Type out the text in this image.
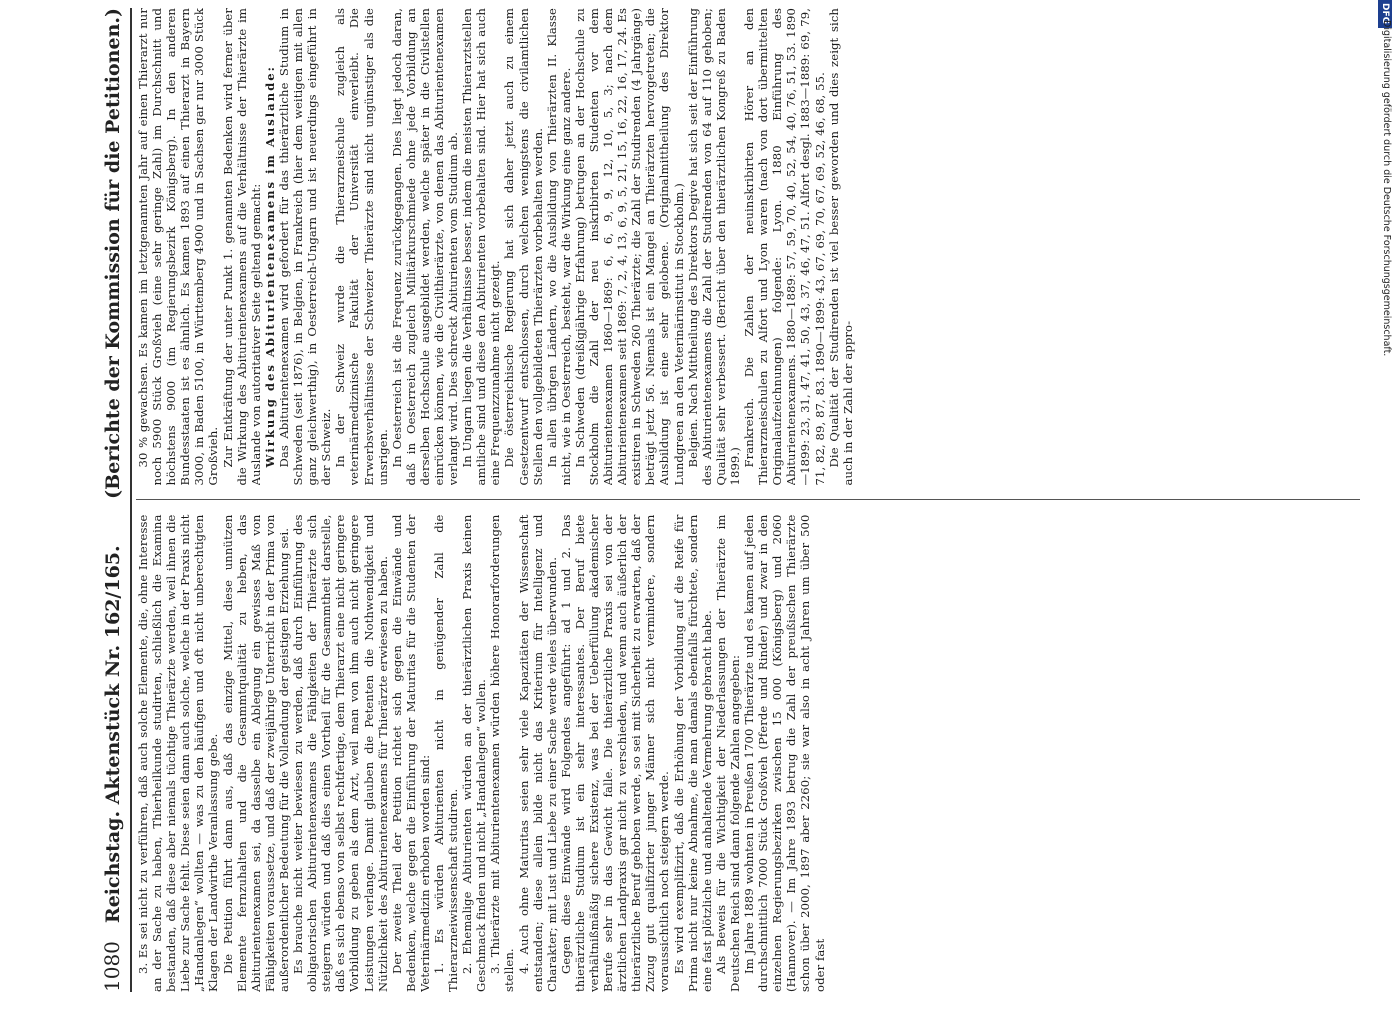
1080
Reichstag. Aktenstück Nr. 162/165.
(Berichte der Kommission für die Petitionen.)

3. Es sei nicht zu verführen, daß auch solche Elemente, die, ohne Interesse an der Sache zu haben, Thierheilkunde studirten, schließlich die Examina bestanden, daß diese aber niemals tüchtige Thierärzte werden, weil ihnen die Liebe zur Sache fehlt. Diese seien dann auch solche, welche in der Praxis nicht „Handanlegen“ wollten — was zu den häufigen und oft nicht unberechtigten Klagen der Landwirthe Veranlassung gebe. Die Petition führt dann aus, daß das einzige Mittel, diese unnützen Elemente fernzuhalten und die Gesammtqualität zu heben, das Abiturientenexamen sei, da dasselbe ein Ablegung ein gewisses Maß von Fähigkeiten voraussetze, und daß der zweijährige Unterricht in der Prima von außerordentlicher Bedeutung für die Vollendung der geistigen Erziehung sei. Es brauche nicht weiter bewiesen zu werden, daß durch Einführung des obligatorischen Abiturientenexamens die Fähigkeiten der Thierärzte sich steigern würden und daß dies einen Vortheil für die Gesammtheit darstelle, daß es sich ebenso von selbst rechtfertige, dem Thierarzt eine nicht geringere Vorbildung zu geben als dem Arzt, weil man von ihm auch nicht geringere Leistungen verlange. Damit glauben die Petenten die Nothwendigkeit und Nützlichkeit des Abiturientenexamens für Thierärzte erwiesen zu haben. Der zweite Theil der Petition richtet sich gegen die Einwände und Bedenken, welche gegen die Einführung der Maturitas für die Studenten der Veterinärmedizin erhoben worden sind: 1. Es würden Abiturienten nicht in genügender Zahl die Thierarzneiwissenschaft studiren. 2. Ehemalige Abiturienten würden an der thierärztlichen Praxis keinen Geschmack finden und nicht „Handanlegen“ wollen. 3. Thierärzte mit Abiturientenexamen würden höhere Honorarforderungen stellen. 4. Auch ohne Maturitas seien sehr viele Kapazitäten der Wissenschaft entstanden; diese allein bilde nicht das Kriterium für Intelligenz und Charakter; mit Lust und Liebe zu einer Sache werde vieles überwunden. Gegen diese Einwände wird Folgendes angeführt: ad 1 und 2. Das thierärztliche Studium ist ein sehr interessantes. Der Beruf biete verhältnißmäßig sichere Existenz, was bei der Ueberfüllung akademischer Berufe sehr in das Gewicht falle. Die thierärztliche Praxis sei von der ärztlichen Landpraxis gar nicht zu verschieden, und wenn auch äußerlich der thierärztliche Beruf gehoben werde, so sei mit Sicherheit zu erwarten, daß der Zuzug gut qualifizirter junger Männer sich nicht vermindere, sondern voraussichtlich noch steigern werde. Es wird exemplifizirt, daß die Erhöhung der Vorbildung auf die Reife für Prima nicht nur keine Abnahme, die man damals ebenfalls fürchtete, sondern eine fast plötzliche und anhaltende Vermehrung gebracht habe. Als Beweis für die Wichtigkeit der Niederlassungen der Thierärzte im Deutschen Reich sind dann folgende Zahlen angegeben: Im Jahre 1889 wohnten in Preußen 1700 Thierärzte und es kamen auf jeden durchschnittlich 7000 Stück Großvieh (Pferde und Rinder) und zwar in den einzelnen Regierungsbezirken zwischen 15 000 (Königsberg) und 2060 (Hannover). — Im Jahre 1893 betrug die Zahl der preußischen Thierärzte schon über 2000, 1897 aber 2260; sie war also in acht Jahren um über 500 oder fast

30 % gewachsen. Es kamen im letztgenannten Jahr auf einen Thierarzt nur noch 5900 Stück Großvieh (eine sehr geringe Zahl) im Durchschnitt und höchstens 9000 (im Regierungsbezirk Königsberg). In den anderen Bundesstaaten ist es ähnlich. Es kamen 1893 auf einen Thierarzt in Bayern 3000, in Baden 5100, in Württemberg 4900 und in Sachsen gar nur 3000 Stück Großvieh. Zur Entkräftung der unter Punkt 1. genannten Bedenken wird ferner über die Wirkung des Abiturientenexamens auf die Verhältnisse der Thierärzte im Auslande von autoritativer Seite geltend gemacht: Wirkung des Abiturientenexamens im Auslande: Das Abiturientenexamen wird gefordert für das thierärztliche Studium in Schweden (seit 1876), in Belgien, in Frankreich (hier dem weitigen mit allen ganz gleichwerthig), in Oesterreich-Ungarn und ist neuerdings eingeführt in der Schweiz. In der Schweiz wurde die Thierarzneischule zugleich als veterinärmedizinische Fakultät der Universität einverleibt. Die Erwerbsverhältnisse der Schweizer Thierärzte sind nicht ungünstiger als die unsrigen. In Oesterreich ist die Frequenz zurückgegangen. Dies liegt jedoch daran, daß in Oesterreich zugleich Militärkurschmiede ohne jede Vorbildung an derselben Hochschule ausgebildet werden, welche später in die Civilstellen einrücken können, wie die Civilthierärzte, von denen das Abiturientenexamen verlangt wird. Dies schreckt Abiturienten vom Studium ab. In Ungarn liegen die Verhältnisse besser, indem die meisten Thierarztstellen amtliche sind und diese den Abiturienten vorbehalten sind. Hier hat sich auch eine Frequenzzunahme nicht gezeigt. Die österreichische Regierung hat sich daher jetzt auch zu einem Gesetzentwurf entschlossen, durch welchen wenigstens die civilamtlichen Stellen den vollgebildeten Thierärzten vorbehalten werden. In allen übrigen Ländern, wo die Ausbildung von Thierärzten II. Klasse nicht, wie in Oesterreich, besteht, war die Wirkung eine ganz andere. In Schweden (dreißigjährige Erfahrung) betrugen an der Hochschule zu Stockholm die Zahl der neu inskribirten Studenten vor dem Abiturientenexamen 1860—1869: 6, 6, 9, 9, 12, 10, 5, 3; nach dem Abiturientenexamen seit 1869: 7, 2, 4, 13, 6, 9, 5, 21, 15, 16, 22, 16, 17, 24. Es existiren in Schweden 260 Thierärzte; die Zahl der Studirenden (4 Jahrgänge) beträgt jetzt 56. Niemals ist ein Mangel an Thierärzten hervorgetreten; die Ausbildung ist eine sehr gelobene. (Originalmittheilung des Direktor Lundgreen an den Veterinärinstitut in Stockholm.) Belgien. Nach Mittheilung des Direktors Degive hat sich seit der Einführung des Abiturientenexamens die Zahl der Studirenden von 64 auf 110 gehoben; Qualität sehr verbessert. (Bericht über den thierärztlichen Kongreß zu Baden 1899.) Frankreich. Die Zahlen der neuinskribirten Hörer an den Thierarzneischulen zu Alfort und Lyon waren (nach von dort übermittelten Originalaufzeichnungen) folgende: Lyon. 1880 Einführung des Abiturientenexamens. 1880—1889: 57, 59, 70, 40, 52, 54, 40, 76, 51, 53. 1890—1899: 23, 31, 47, 41, 50, 43, 37, 46, 47, 51. Alfort desgl. 1883—1889: 69, 79, 71, 82, 89, 87, 83. 1890—1899: 43, 67, 69, 70, 67, 69, 52, 46, 68, 55. Die Qualität der Studirenden ist viel besser geworden und dies zeigt sich auch in der Zahl der appro-

DFG
Digitalisierung gefördert durch die Deutsche Forschungsgemeinschaft.
